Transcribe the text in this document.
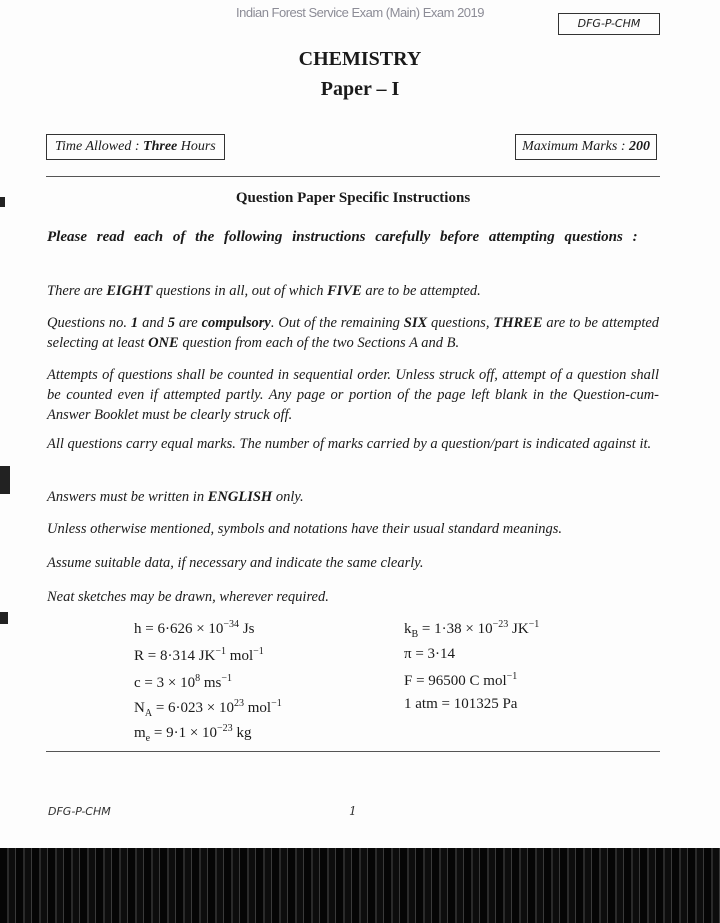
Indian Forest Service Exam (Main) Exam 2019
DFG-P-CHM
CHEMISTRY
Paper – I
Time Allowed : Three Hours	Maximum Marks : 200
Question Paper Specific Instructions
Please read each of the following instructions carefully before attempting questions :
There are EIGHT questions in all, out of which FIVE are to be attempted.
Questions no. 1 and 5 are compulsory. Out of the remaining SIX questions, THREE are to be attempted selecting at least ONE question from each of the two Sections A and B.
Attempts of questions shall be counted in sequential order. Unless struck off, attempt of a question shall be counted even if attempted partly. Any page or portion of the page left blank in the Question-cum-Answer Booklet must be clearly struck off.
All questions carry equal marks. The number of marks carried by a question/part is indicated against it.
Answers must be written in ENGLISH only.
Unless otherwise mentioned, symbols and notations have their usual standard meanings.
Assume suitable data, if necessary and indicate the same clearly.
Neat sketches may be drawn, wherever required.
$h = 6\cdot 626 \times 10^{-34}$ Js
R = 8·314 $JK^{-1}$ mol$^{-1}$
$c = 3 \times 10^8$ $ms^{-1}$
$N_A = 6\cdot 023 \times 10^{23}$ mol$^{-1}$
$m_e = 9\cdot 1 \times 10^{-23}$ kg
$k_B = 1\cdot 38 \times 10^{-23}$ $JK^{-1}$
π = 3·14
F = 96500 C mol$^{-1}$
1 atm = 101325 Pa
DFG-P-CHM	1
